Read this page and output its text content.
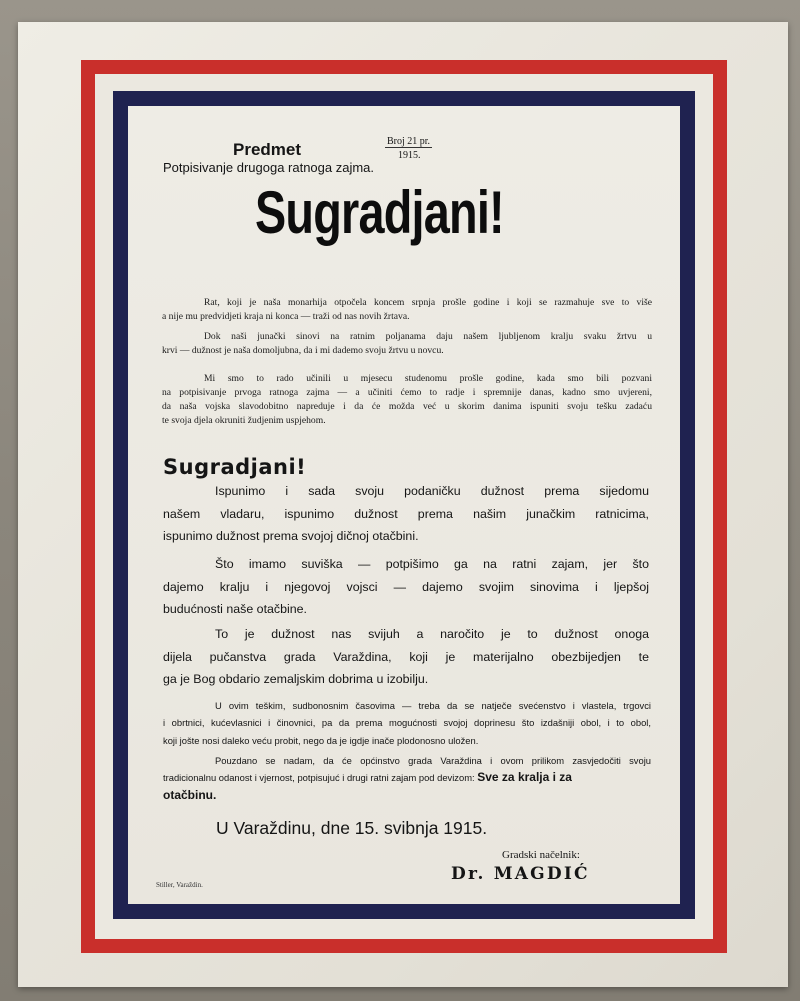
Predmet
Potpisivanje drugoga ratnoga zajma.
Broj 21 pr.
1915.
Sugradjani!
Rat, koji je naša monarhija otpočela koncem srpnja prošle godine i koji se razmahuje sve to više
a nije mu predvidjeti kraja ni konca — traži od nas novih žrtava.
Dok naši junački sinovi na ratnim poljanama daju našem ljubljenom kralju svaku žrtvu u
krvi — dužnost je naša domoljubna, da i mi dademo svoju žrtvu u novcu.
Mi smo to rado učinili u mjesecu studenomu prošle godine, kada smo bili pozvani
na potpisivanje prvoga ratnoga zajma — a učiniti ćemo to radje i spremnije danas, kadno smo uvjereni,
da naša vojska slavodobitno napreduje i da će možda već u skorim danima ispuniti svoju tešku zadaću
te svoja djela okruniti žudjenim uspjehom.
Sugradjani!
Ispunimo i sada svoju podaničku dužnost prema sijedomu
našem vladaru, ispunimo dužnost prema našim junačkim ratnicima,
ispunimo dužnost prema svojoj dičnoj otačbini.
Što imamo suviška — potpišimo ga na ratni zajam, jer što
dajemo kralju i njegovoj vojsci — dajemo svojim sinovima i ljepšoj
budućnosti naše otačbine.
To je dužnost nas svijuh a naročito je to dužnost onoga
dijela pučanstva grada Varaždina, koji je materijalno obezbijedjen te
ga je Bog obdario zemaljskim dobrima u izobilju.
U ovim teškim, sudbonosnim časovima — treba da se natječe svećenstvo i vlastela, trgovci
i obrtnici, kućevlasnici i činovnici, pa da prema mogućnosti svojoj doprinesu što izdašniji obol, i to obol,
koji jošte nosi daleko veću probit, nego da je igdje inače plodonosno uložen.
Pouzdano se nadam, da će općinstvo grada Varaždina i ovom prilikom zasvjedočiti svoju
tradicionalnu odanost i vjernost, potpisujuć i drugi ratni zajam pod devizom: Sve za kralja i za
otačbinu.
U Varaždinu, dne 15. svibnja 1915.
Gradski načelnik:
Dr. MAGDIĆ
Stiller, Varaždin.
